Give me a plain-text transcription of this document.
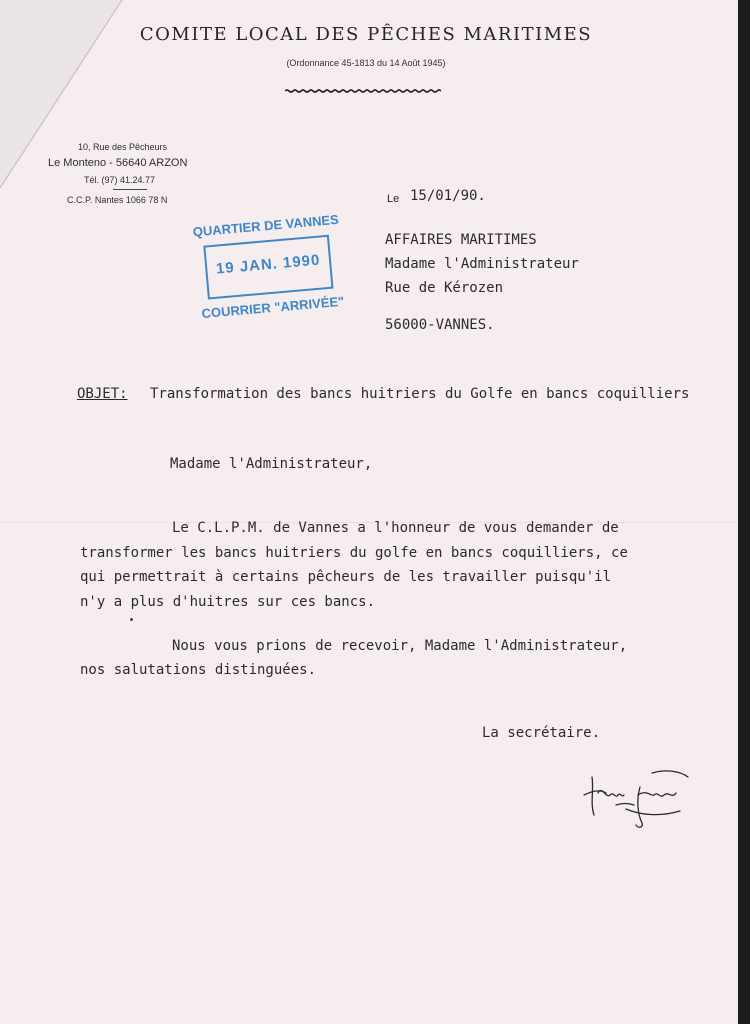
COMITE LOCAL DES PÊCHES MARITIMES
(Ordonnance 45-1813 du 14 Août 1945)
10, Rue des Pêcheurs
Le Monteno - 56640 ARZON
Tél. (97) 41.24.77
C.C.P. Nantes 1066 78 N
QUARTIER DE VANNES
19 JAN. 1990
COURRIER "ARRIVÉE"
Le 15/01/90.
AFFAIRES MARITIMES
Madame l'Administrateur
Rue de Kérozen
56000-VANNES.
OBJET: Transformation des bancs huitriers du Golfe en bancs coquilliers
Madame l'Administrateur,
Le C.L.P.M. de Vannes a l'honneur de vous demander de
transformer les bancs huitriers du golfe en bancs coquilliers, ce
qui permettrait à certains pêcheurs de les travailler puisqu'il
n'y a plus d'huitres sur ces bancs.
Nous vous prions de recevoir, Madame l'Administrateur,
nos salutations distinguées.
La secrétaire.
